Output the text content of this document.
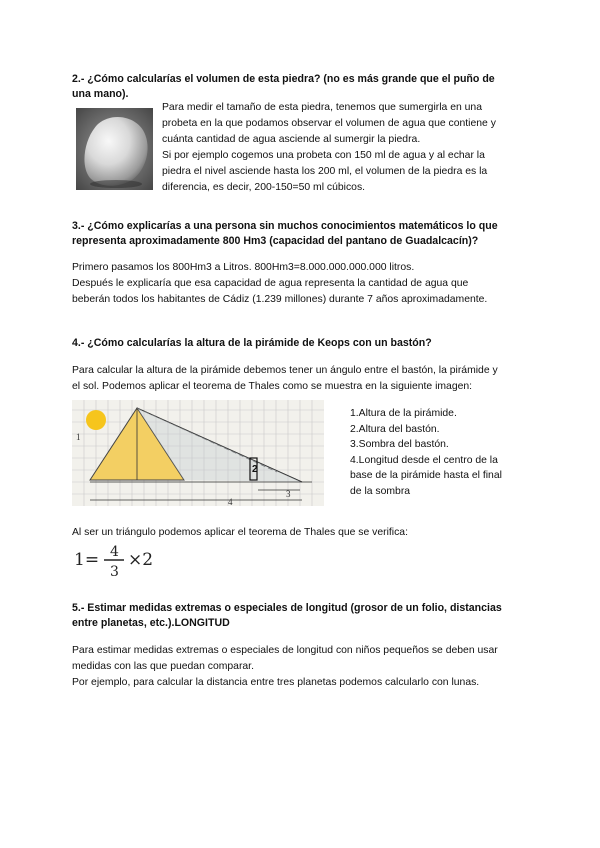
2.- ¿Cómo calcularías el volumen de esta piedra? (no es más grande que el puño de
una mano).
Para medir el tamaño de esta piedra, tenemos que sumergirla en una
probeta en la que podamos observar el volumen de agua que contiene y
cuánta cantidad de agua asciende al sumergir la piedra.
Si por ejemplo cogemos una probeta con 150 ml de agua y al echar la
piedra el nivel asciende hasta los 200 ml, el volumen de la piedra es la
diferencia, es decir, 200-150=50 ml cúbicos.
3.- ¿Cómo explicarías a una persona sin muchos conocimientos matemáticos lo que
representa aproximadamente 800 Hm3 (capacidad del pantano de Guadalcacín)?
Primero pasamos los 800Hm3 a Litros. 800Hm3=8.000.000.000.000 litros.
Después le explicaría que esa capacidad de agua representa la cantidad de agua que
beberán todos los habitantes de Cádiz (1.239 millones) durante 7 años aproximadamente.
4.- ¿Cómo calcularías la altura de la pirámide de Keops con un bastón?
Para calcular la altura de la pirámide debemos tener un ángulo entre el bastón, la pirámide y
el sol. Podemos aplicar el teorema de Thales como se muestra en la siguiente imagen:
1
2
3
4
1.Altura de la pirámide.
2.Altura del bastón.
3.Sombra del bastón.
4.Longitud desde el centro de la
base de la pirámide hasta el final
de la sombra
Al ser un triángulo podemos aplicar el teorema de Thales que se verifica:
1= 4
3
×2
5.- Estimar medidas extremas o especiales de longitud (grosor de un folio, distancias
entre planetas, etc.).LONGITUD
Para estimar medidas extremas o especiales de longitud con niños pequeños se deben usar
medidas con las que puedan comparar.
Por ejemplo, para calcular la distancia entre tres planetas podemos calcularlo con lunas.
